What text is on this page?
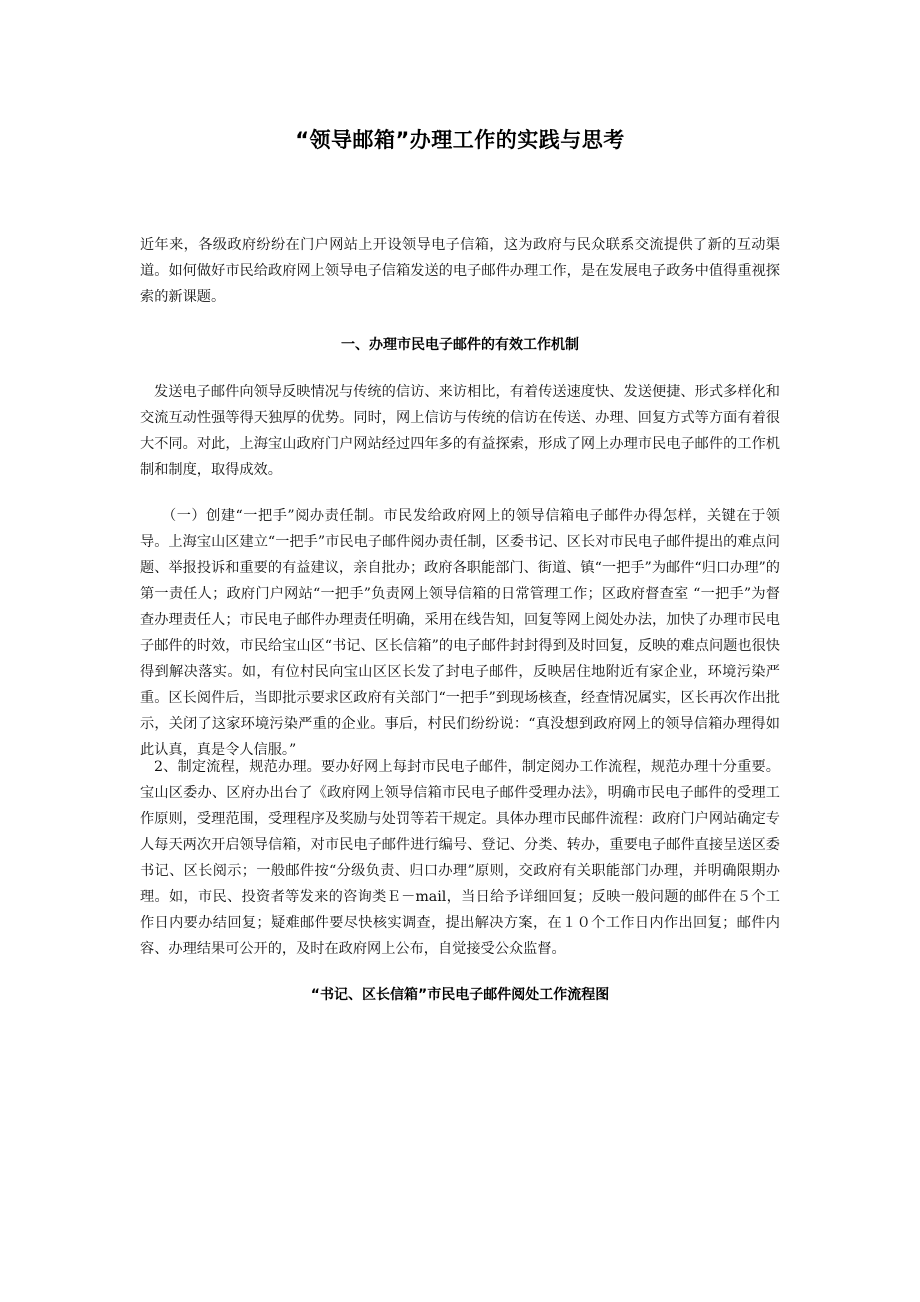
“领导邮箱”办理工作的实践与思考
近年来，各级政府纷纷在门户网站上开设领导电子信箱，这为政府与民众联系交流提供了新的互动渠道。如何做好市民给政府网上领导电子信箱发送的电子邮件办理工作，是在发展电子政务中值得重视探索的新课题。
一、办理市民电子邮件的有效工作机制
发送电子邮件向领导反映情况与传统的信访、来访相比，有着传送速度快、发送便捷、形式多样化和交流互动性强等得天独厚的优势。同时，网上信访与传统的信访在传送、办理、回复方式等方面有着很大不同。对此，上海宝山政府门户网站经过四年多的有益探索，形成了网上办理市民电子邮件的工作机制和制度，取得成效。
（一）创建“一把手”阅办责任制。市民发给政府网上的领导信箱电子邮件办得怎样，关键在于领导。上海宝山区建立“一把手”市民电子邮件阅办责任制，区委书记、区长对市民电子邮件提出的难点问题、举报投诉和重要的有益建议，亲自批办；政府各职能部门、街道、镇“一把手”为邮件“归口办理”的第一责任人；政府门户网站“一把手”负责网上领导信箱的日常管理工作；区政府督查室 “一把手”为督查办理责任人；市民电子邮件办理责任明确，采用在线告知，回复等网上阅处办法，加快了办理市民电子邮件的时效，市民给宝山区“书记、区长信箱”的电子邮件封封得到及时回复，反映的难点问题也很快得到解决落实。如，有位村民向宝山区区长发了封电子邮件，反映居住地附近有家企业，环境污染严重。区长阅件后，当即批示要求区政府有关部门“一把手”到现场核查，经查情况属实，区长再次作出批示，关闭了这家环境污染严重的企业。事后，村民们纷纷说：“真没想到政府网上的领导信箱办理得如此认真，真是令人信服。”
2、制定流程，规范办理。要办好网上每封市民电子邮件，制定阅办工作流程，规范办理十分重要。宝山区委办、区府办出台了《政府网上领导信箱市民电子邮件受理办法》，明确市民电子邮件的受理工作原则，受理范围，受理程序及奖励与处罚等若干规定。具体办理市民邮件流程：政府门户网站确定专人每天两次开启领导信箱，对市民电子邮件进行编号、登记、分类、转办，重要电子邮件直接呈送区委书记、区长阅示；一般邮件按“分级负责、归口办理”原则，交政府有关职能部门办理，并明确限期办理。如，市民、投资者等发来的咨询类Ｅ－mail，当日给予详细回复；反映一般问题的邮件在５个工作日内要办结回复；疑难邮件要尽快核实调查，提出解决方案，在１０个工作日内作出回复；邮件内容、办理结果可公开的，及时在政府网上公布，自觉接受公众监督。
“书记、区长信箱”市民电子邮件阅处工作流程图
